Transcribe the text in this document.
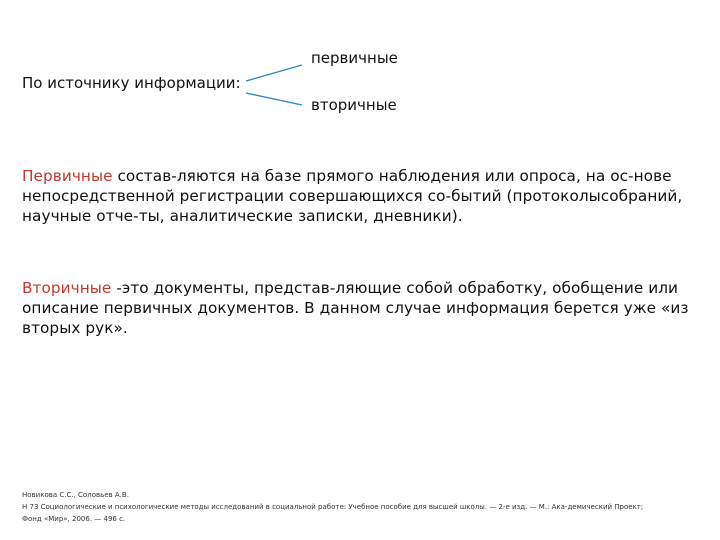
По источнику информации:
первичные
вторичные
Первичные состав-ляются на базе прямого наблюдения или опроса, на ос-нове
непосредственной регистрации совершающихся со-бытий (протоколысобраний,
научные отче-ты, аналитические записки, дневники).
Вторичные -это документы, представ-ляющие собой обработку, обобщение или
описание первичных документов. В данном случае информация берется уже «из
вторых рук».
Новикова С.С., Соловьев А.В.
Н 73 Социологические и психологические методы исследований в социальной работе: Учебное пособие для высшей школы. — 2-е изд. — М.: Ака-демический Проект;
Фонд «Мир», 2006. — 496 с.
